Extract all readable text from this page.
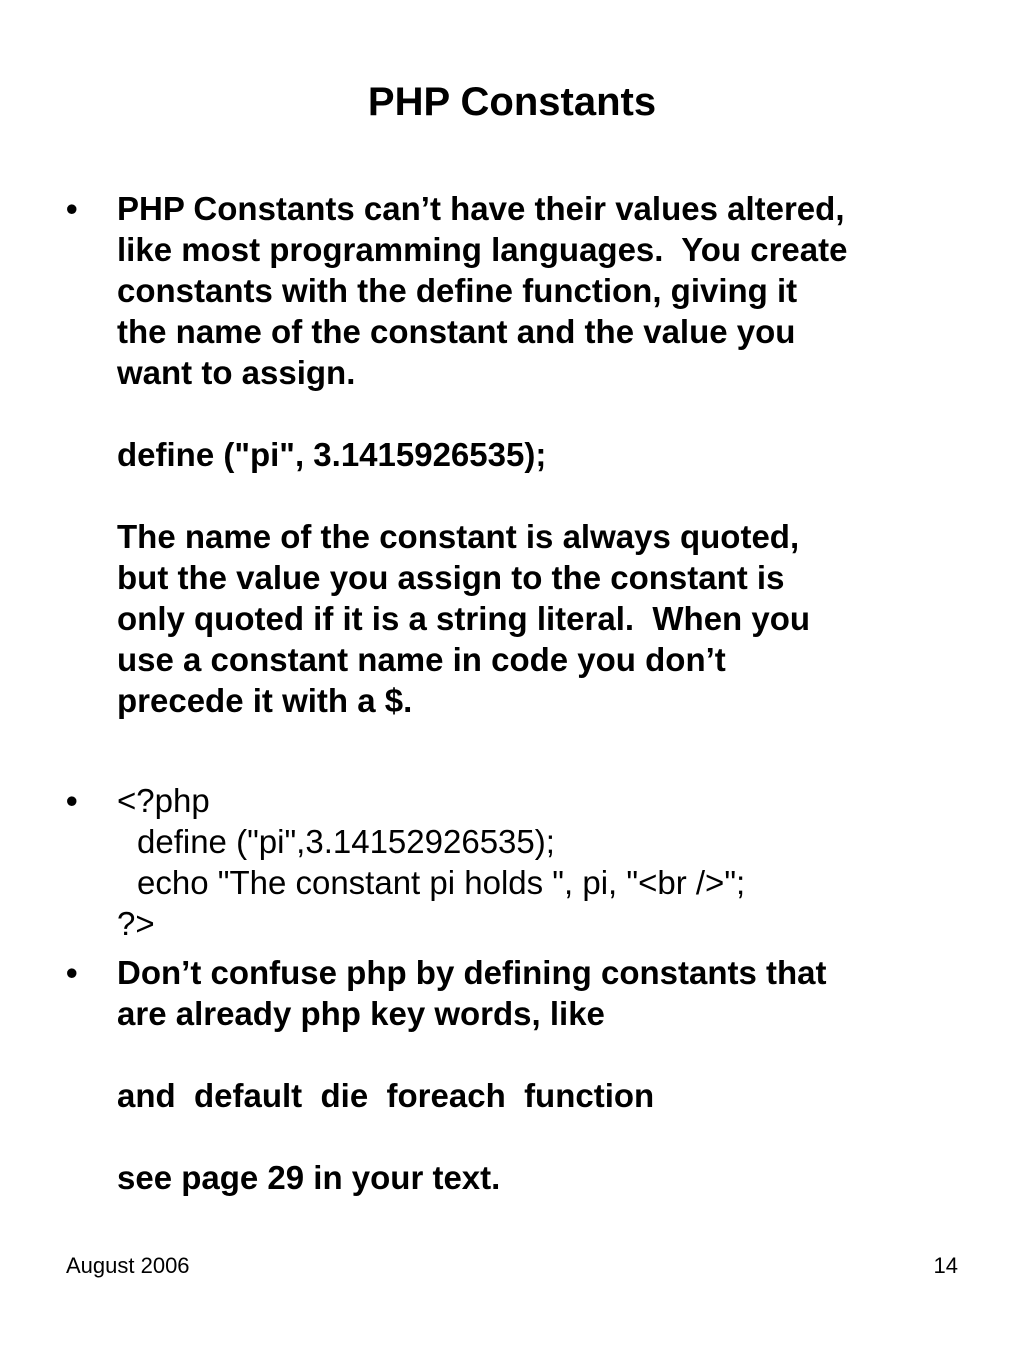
PHP Constants
• PHP Constants can’t have their values altered,
like most programming languages.  You create
constants with the define function, giving it
the name of the constant and the value you
want to assign.
define ("pi", 3.1415926535);
The name of the constant is always quoted,
but the value you assign to the constant is
only quoted if it is a string literal.  When you
use a constant name in code you don’t
precede it with a $.
• <?php
define ("pi",3.14152926535);
echo "The constant pi holds ", pi, "<br />";
?>
• Don’t confuse php by defining constants that
are already php key words, like
and  default  die  foreach  function
see page 29 in your text.
August 2006	14
